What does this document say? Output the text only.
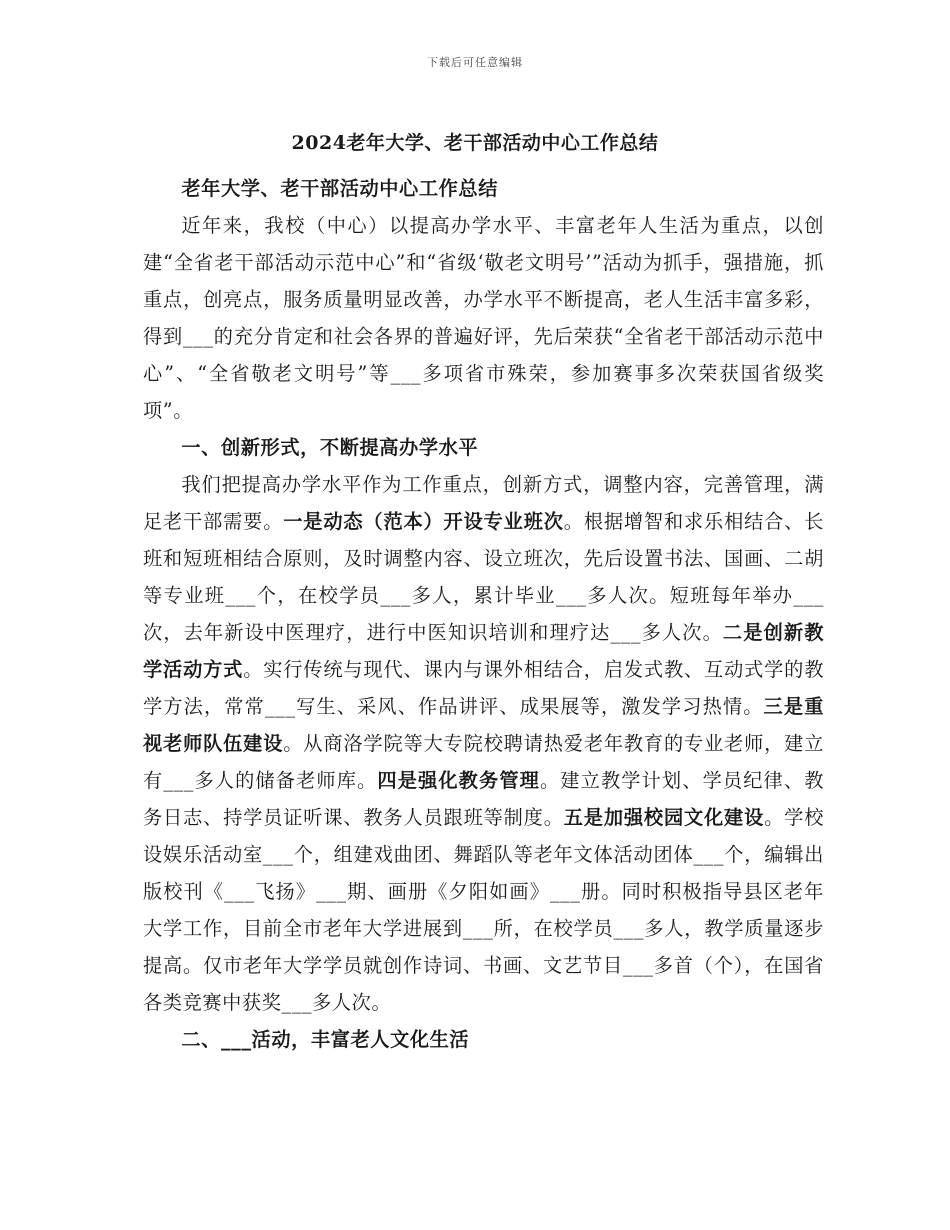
下载后可任意编辑
2024老年大学、老干部活动中心工作总结

老年大学、老干部活动中心工作总结

近年来，我校（中心）以提高办学水平、丰富老年人生活为重点，以创建“全省老干部活动示范中心”和“省级‘敬老文明号’”活动为抓手，强措施，抓重点，创亮点，服务质量明显改善，办学水平不断提高，老人生活丰富多彩，得到___的充分肯定和社会各界的普遍好评，先后荣获“全省老干部活动示范中心”、“全省敬老文明号”等___多项省市殊荣，参加赛事多次荣获国省级奖项”。

一、创新形式，不断提高办学水平

我们把提高办学水平作为工作重点，创新方式，调整内容，完善管理，满足老干部需要。一是动态（范本）开设专业班次。根据增智和求乐相结合、长班和短班相结合原则，及时调整内容、设立班次，先后设置书法、国画、二胡等专业班___个，在校学员___多人，累计毕业___多人次。短班每年举办___次，去年新设中医理疗，进行中医知识培训和理疗达___多人次。二是创新教学活动方式。实行传统与现代、课内与课外相结合，启发式教、互动式学的教学方法，常常___写生、采风、作品讲评、成果展等，激发学习热情。三是重视老师队伍建设。从商洛学院等大专院校聘请热爱老年教育的专业老师，建立有___多人的储备老师库。四是强化教务管理。建立教学计划、学员纪律、教务日志、持学员证听课、教务人员跟班等制度。五是加强校园文化建设。学校设娱乐活动室___个，组建戏曲团、舞蹈队等老年文体活动团体___个，编辑出版校刊《___飞扬》___期、画册《夕阳如画》___册。同时积极指导县区老年大学工作，目前全市老年大学进展到___所，在校学员___多人，教学质量逐步提高。仅市老年大学学员就创作诗词、书画、文艺节目___多首（个），在国省各类竞赛中获奖___多人次。

二、___活动，丰富老人文化生活
